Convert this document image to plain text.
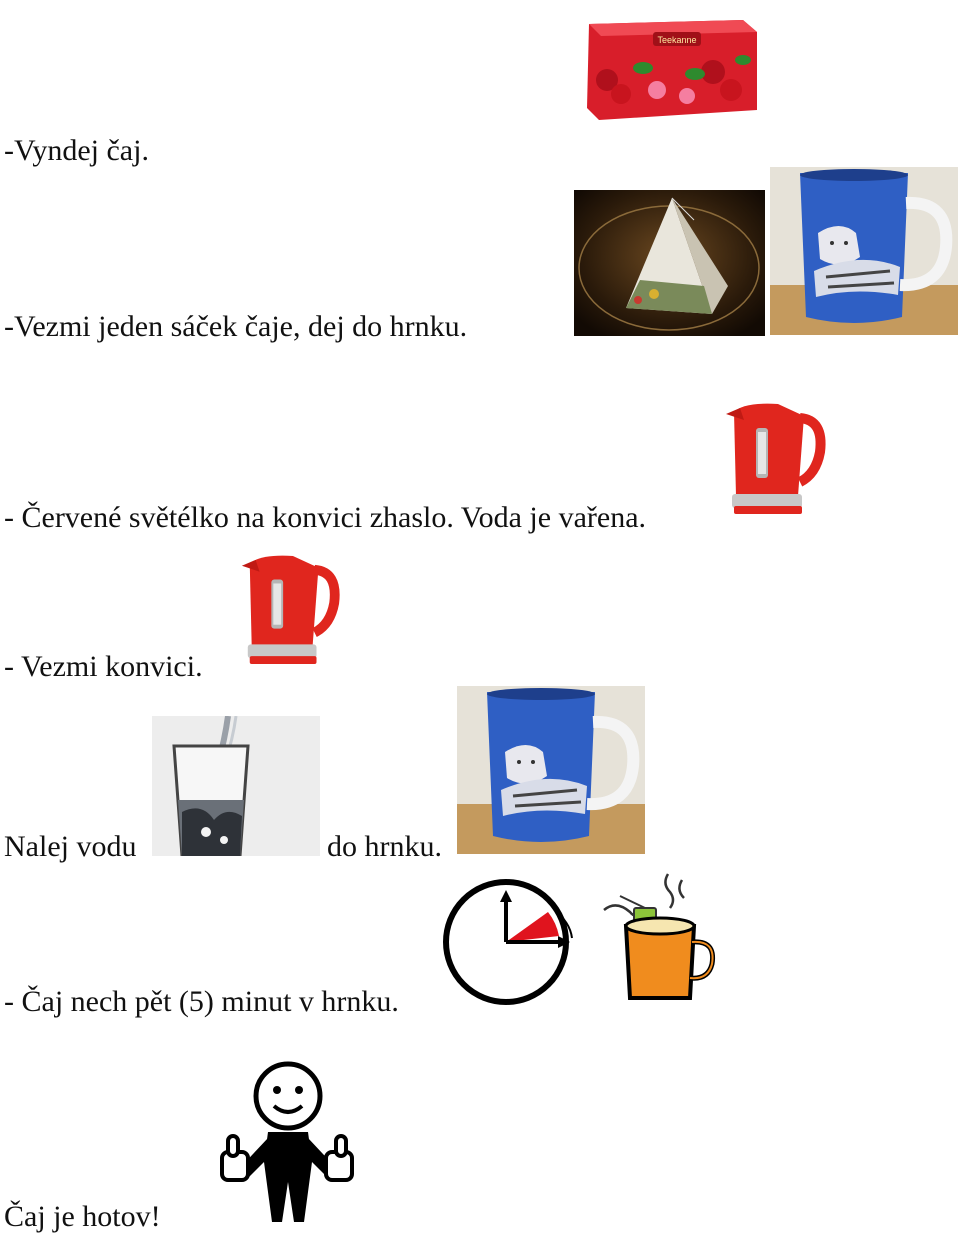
-Vyndej čaj.
Teekanne
-Vezmi jeden sáček čaje, dej do hrnku.
- Červené světélko na konvici zhaslo. Voda je vařena.
- Vezmi konvici.
Nalej vodu	do hrnku.
- Čaj nech pět (5) minut v hrnku.
Čaj je hotov!
